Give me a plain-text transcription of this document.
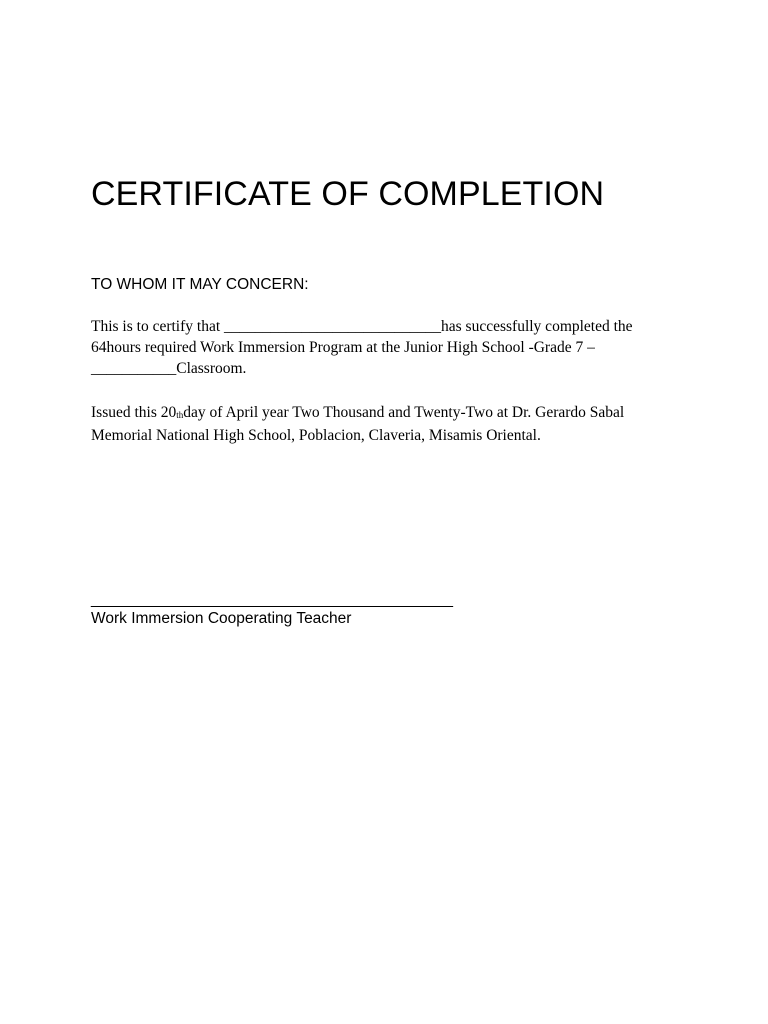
CERTIFICATE OF COMPLETION
TO WHOM IT MAY CONCERN:
This is to certify that ____________________________has successfully completed the
64hours required Work Immersion Program at the Junior High School -Grade 7 –
___________Classroom.
Issued this 20thday of April year Two Thousand and Twenty-Two at Dr. Gerardo Sabal
Memorial National High School, Poblacion, Claveria, Misamis Oriental.
__________________________________________
Work Immersion Cooperating Teacher
